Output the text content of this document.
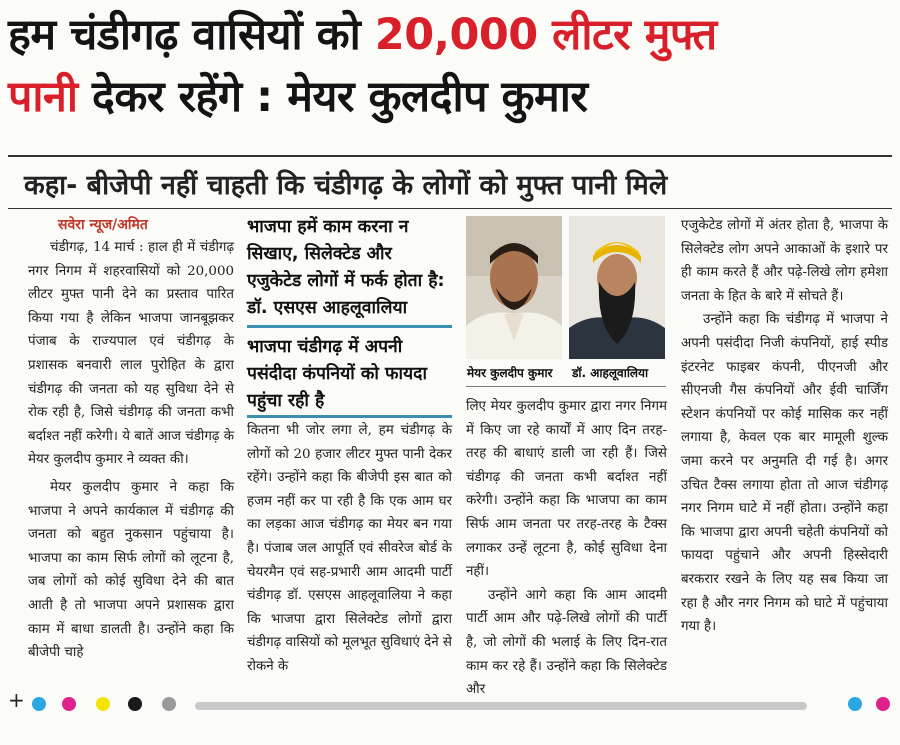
हम चंडीगढ़ वासियों को 20,000 लीटर मुफ्त
पानी देकर रहेंगे : मेयर कुलदीप कुमार
कहा- बीजेपी नहीं चाहती कि चंडीगढ़ के लोगों को मुफ्त पानी मिले

सवेरा न्यूज/अमित

चंडीगढ़, 14 मार्च : हाल ही में चंडीगढ़ नगर निगम में शहरवासियों को 20,000 लीटर मुफ्त पानी देने का प्रस्ताव पारित किया गया है लेकिन भाजपा जानबूझकर पंजाब के राज्यपाल एवं चंडीगढ़ के प्रशासक बनवारी लाल पुरोहित के द्वारा चंडीगढ़ की जनता को यह सुविधा देने से रोक रही है, जिसे चंडीगढ़ की जनता कभी बर्दाश्त नहीं करेगी। ये बातें आज चंडीगढ़ के मेयर कुलदीप कुमार ने व्यक्त की।

मेयर कुलदीप कुमार ने कहा कि भाजपा ने अपने कार्यकाल में चंडीगढ़ की जनता को बहुत नुकसान पहुंचाया है। भाजपा का काम सिर्फ लोगों को लूटना है, जब लोगों को कोई सुविधा देने की बात आती है तो भाजपा अपने प्रशासक द्वारा काम में बाधा डालती है। उन्होंने कहा कि बीजेपी चाहे

भाजपा हमें काम करना न सिखाए, सिलेक्टेड और एजुकेटेड लोगों में फर्क होता है: डॉ. एसएस आहलूवालिया
भाजपा चंडीगढ़ में अपनी पसंदीदा कंपनियों को फायदा पहुंचा रही है

कितना भी जोर लगा ले, हम चंडीगढ़ के लोगों को 20 हजार लीटर मुफ्त पानी देकर रहेंगे। उन्होंने कहा कि बीजेपी इस बात को हजम नहीं कर पा रही है कि एक आम घर का लड़का आज चंडीगढ़ का मेयर बन गया है। पंजाब जल आपूर्ति एवं सीवरेज बोर्ड के चेयरमैन एवं सह-प्रभारी आम आदमी पार्टी चंडीगढ़ डॉ. एसएस आहलूवालिया ने कहा कि भाजपा द्वारा सिलेक्टेड लोगों द्वारा चंडीगढ़ वासियों को मूलभूत सुविधाएं देने से रोकने के

मेयर कुलदीप कुमार डॉ. आहलूवालिया

लिए मेयर कुलदीप कुमार द्वारा नगर निगम में किए जा रहे कार्यों में आए दिन तरह-तरह की बाधाएं डाली जा रही हैं। जिसे चंडीगढ़ की जनता कभी बर्दाश्त नहीं करेगी। उन्होंने कहा कि भाजपा का काम सिर्फ आम जनता पर तरह-तरह के टैक्स लगाकर उन्हें लूटना है, कोई सुविधा देना नहीं।

उन्होंने आगे कहा कि आम आदमी पार्टी आम और पढ़े-लिखे लोगों की पार्टी है, जो लोगों की भलाई के लिए दिन-रात काम कर रहे हैं। उन्होंने कहा कि सिलेक्टेड और

एजुकेटेड लोगों में अंतर होता है, भाजपा के सिलेक्टेड लोग अपने आकाओं के इशारे पर ही काम करते हैं और पढ़े-लिखे लोग हमेशा जनता के हित के बारे में सोचते हैं।

उन्होंने कहा कि चंडीगढ़ में भाजपा ने अपनी पसंदीदा निजी कंपनियों, हाई स्पीड इंटरनेट फाइबर कंपनी, पीएनजी और सीएनजी गैस कंपनियों और ईवी चार्जिंग स्टेशन कंपनियों पर कोई मासिक कर नहीं लगाया है, केवल एक बार मामूली शुल्क जमा करने पर अनुमति दी गई है। अगर उचित टैक्स लगाया होता तो आज चंडीगढ़ नगर निगम घाटे में नहीं होता। उन्होंने कहा कि भाजपा द्वारा अपनी चहेती कंपनियों को फायदा पहुंचाने और अपनी हिस्सेदारी बरकरार रखने के लिए यह सब किया जा रहा है और नगर निगम को घाटे में पहुंचाया गया है।

+
